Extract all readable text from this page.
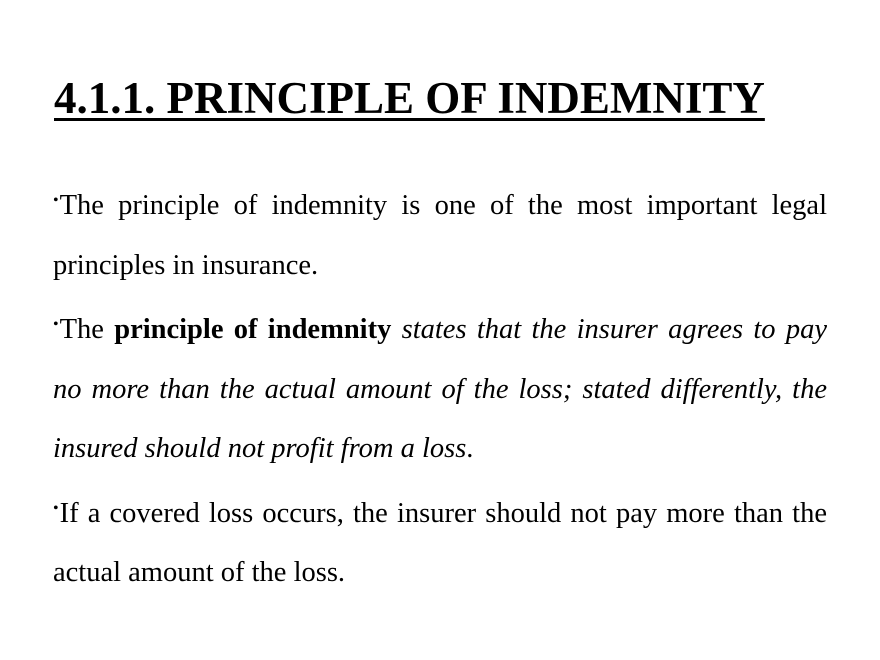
4.1.1. PRINCIPLE OF INDEMNITY

•The principle of indemnity is one of the most important legal principles in insurance.

•The principle of indemnity states that the insurer agrees to pay no more than the actual amount of the loss; stated differently, the insured should not profit from a loss.

•If a covered loss occurs, the insurer should not pay more than the actual amount of the loss.
